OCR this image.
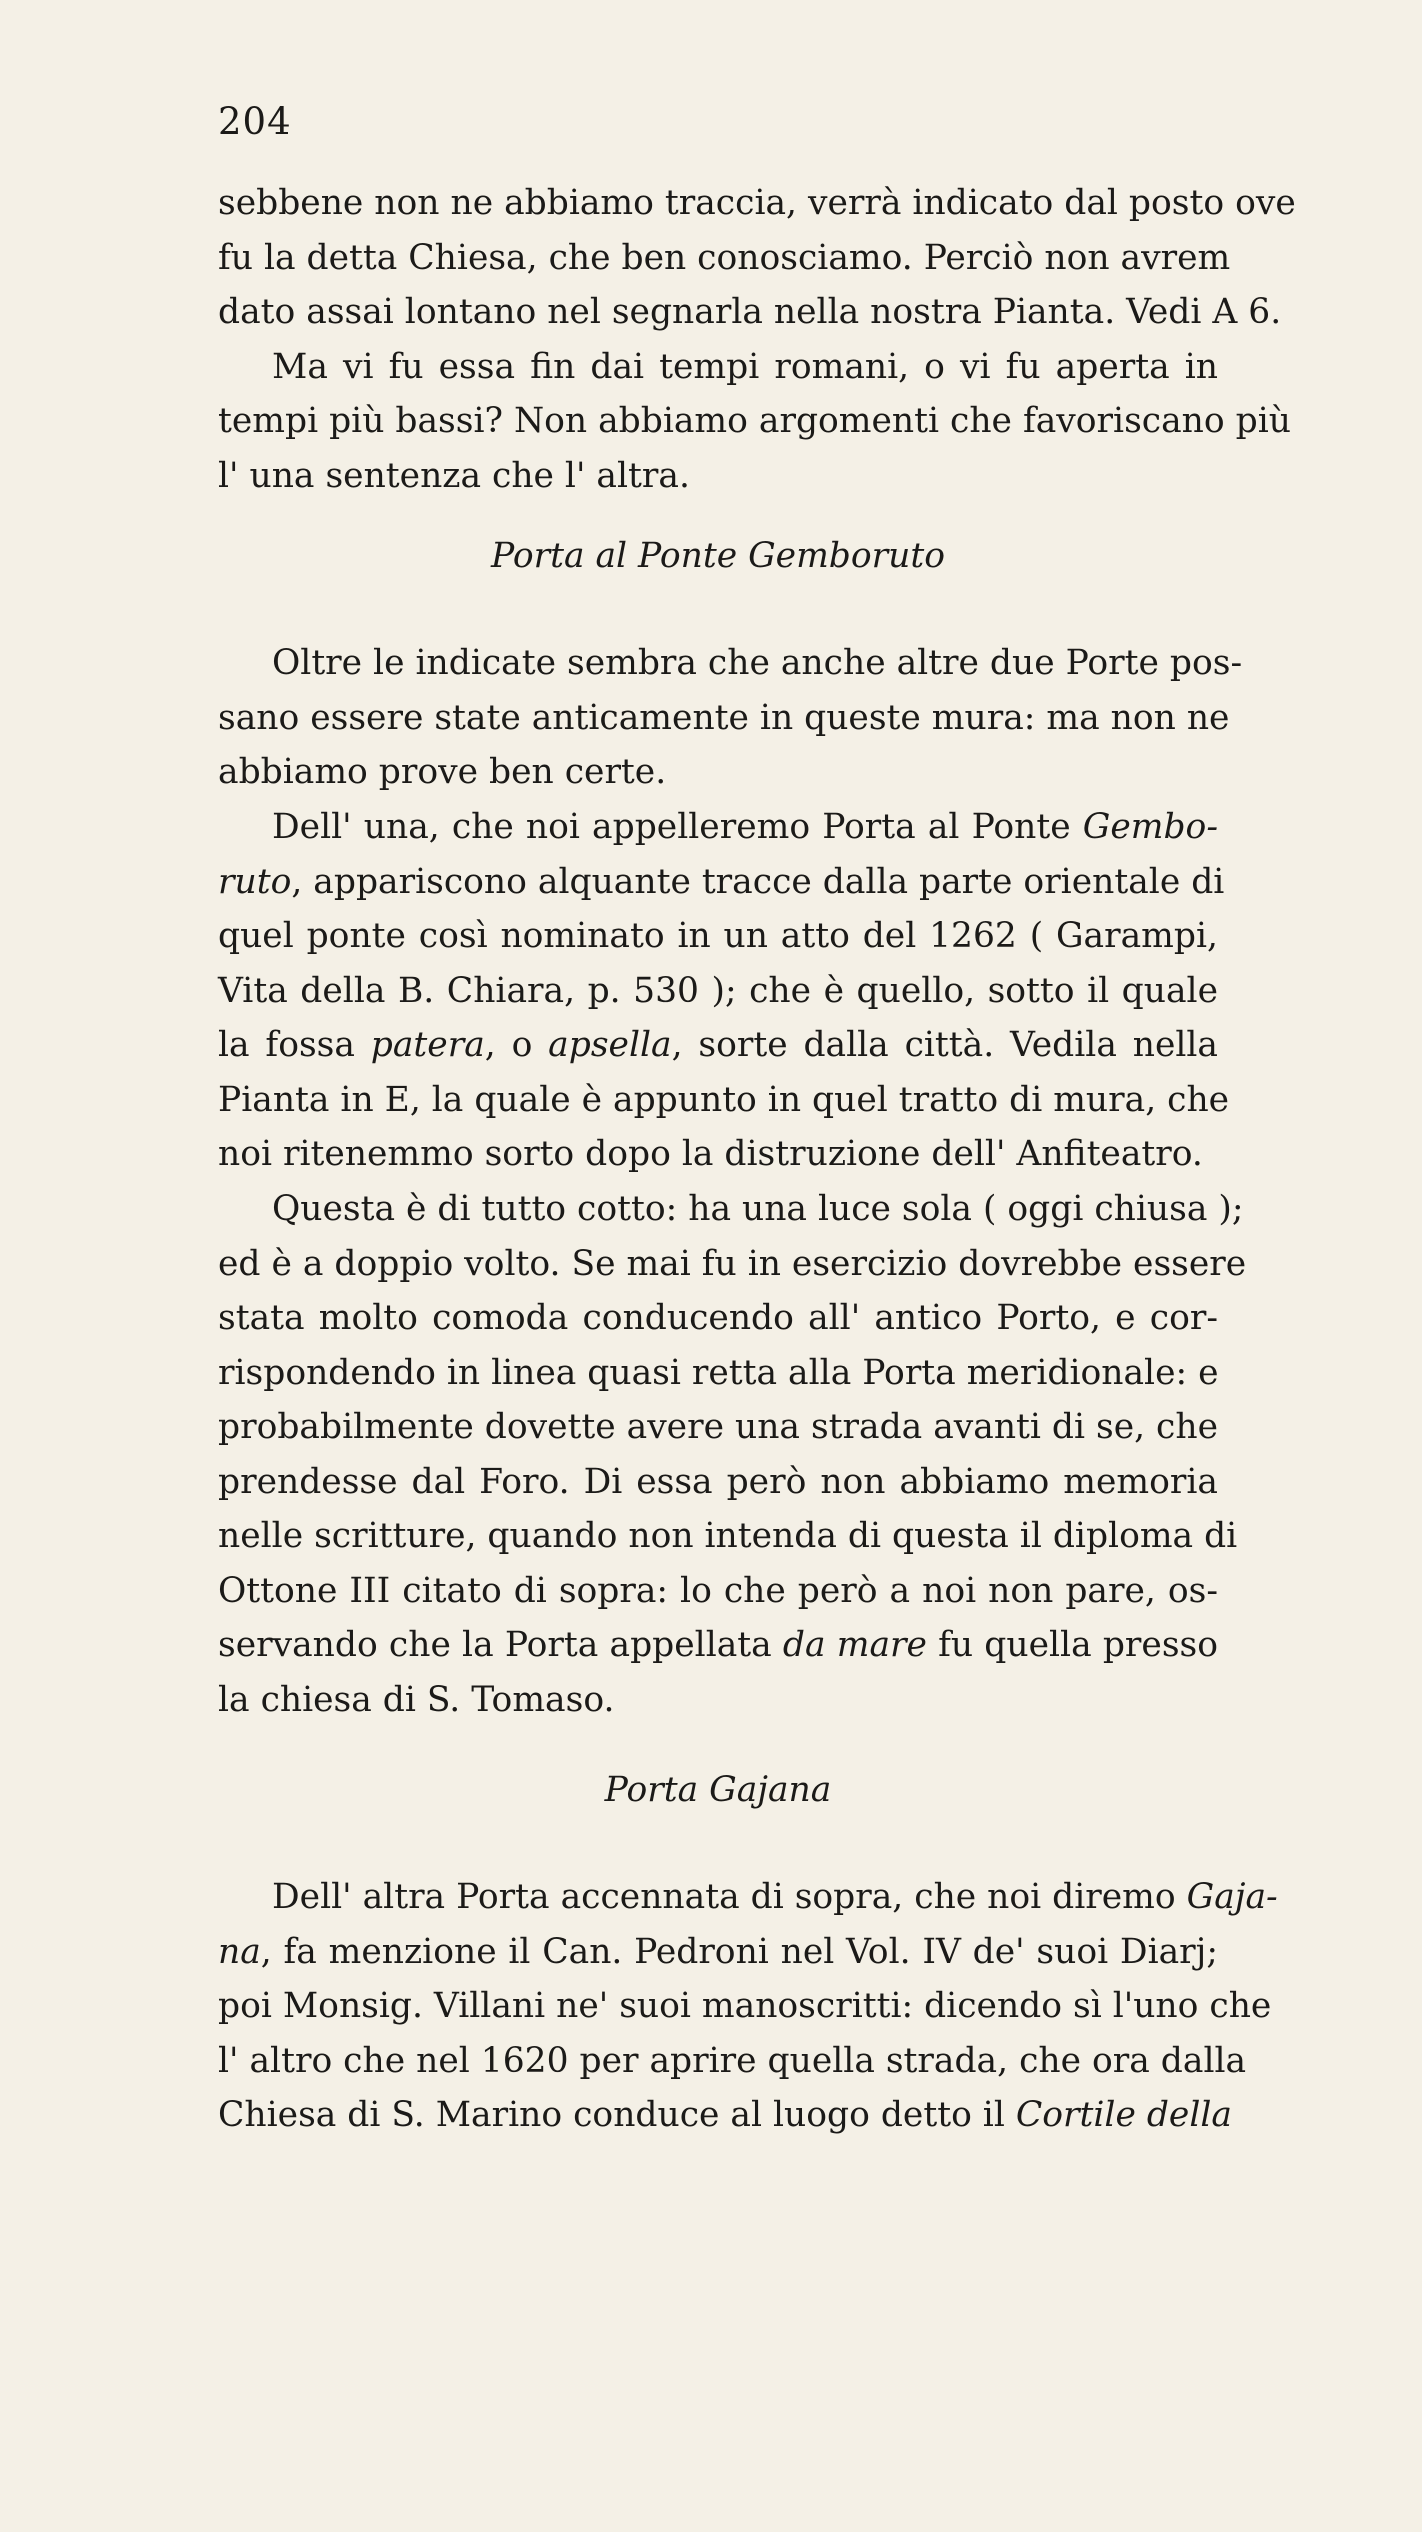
204
sebbene non ne abbiamo traccia, verrà indicato dal posto ove
fu la detta Chiesa, che ben conosciamo. Perciò non avrem
dato assai lontano nel segnarla nella nostra Pianta. Vedi A 6.
Ma vi fu essa fin dai tempi romani, o vi fu aperta in
tempi più bassi? Non abbiamo argomenti che favoriscano più
l' una sentenza che l' altra.
Porta al Ponte Gemboruto
Oltre le indicate sembra che anche altre due Porte pos-
sano essere state anticamente in queste mura: ma non ne
abbiamo prove ben certe.
Dell' una, che noi appelleremo Porta al Ponte Gembo-
ruto, appariscono alquante tracce dalla parte orientale di
quel ponte così nominato in un atto del 1262 ( Garampi,
Vita della B. Chiara, p. 530 ); che è quello, sotto il quale
la fossa patera, o apsella, sorte dalla città. Vedila nella
Pianta in E, la quale è appunto in quel tratto di mura, che
noi ritenemmo sorto dopo la distruzione dell' Anfiteatro.
Questa è di tutto cotto: ha una luce sola ( oggi chiusa );
ed è a doppio volto. Se mai fu in esercizio dovrebbe essere
stata molto comoda conducendo all' antico Porto, e cor-
rispondendo in linea quasi retta alla Porta meridionale: e
probabilmente dovette avere una strada avanti di se, che
prendesse dal Foro. Di essa però non abbiamo memoria
nelle scritture, quando non intenda di questa il diploma di
Ottone III citato di sopra: lo che però a noi non pare, os-
servando che la Porta appellata da mare fu quella presso
la chiesa di S. Tomaso.
Porta Gajana
Dell' altra Porta accennata di sopra, che noi diremo Gaja-
na, fa menzione il Can. Pedroni nel Vol. IV de' suoi Diarj;
poi Monsig. Villani ne' suoi manoscritti: dicendo sì l'uno che
l' altro che nel 1620 per aprire quella strada, che ora dalla
Chiesa di S. Marino conduce al luogo detto il Cortile della
